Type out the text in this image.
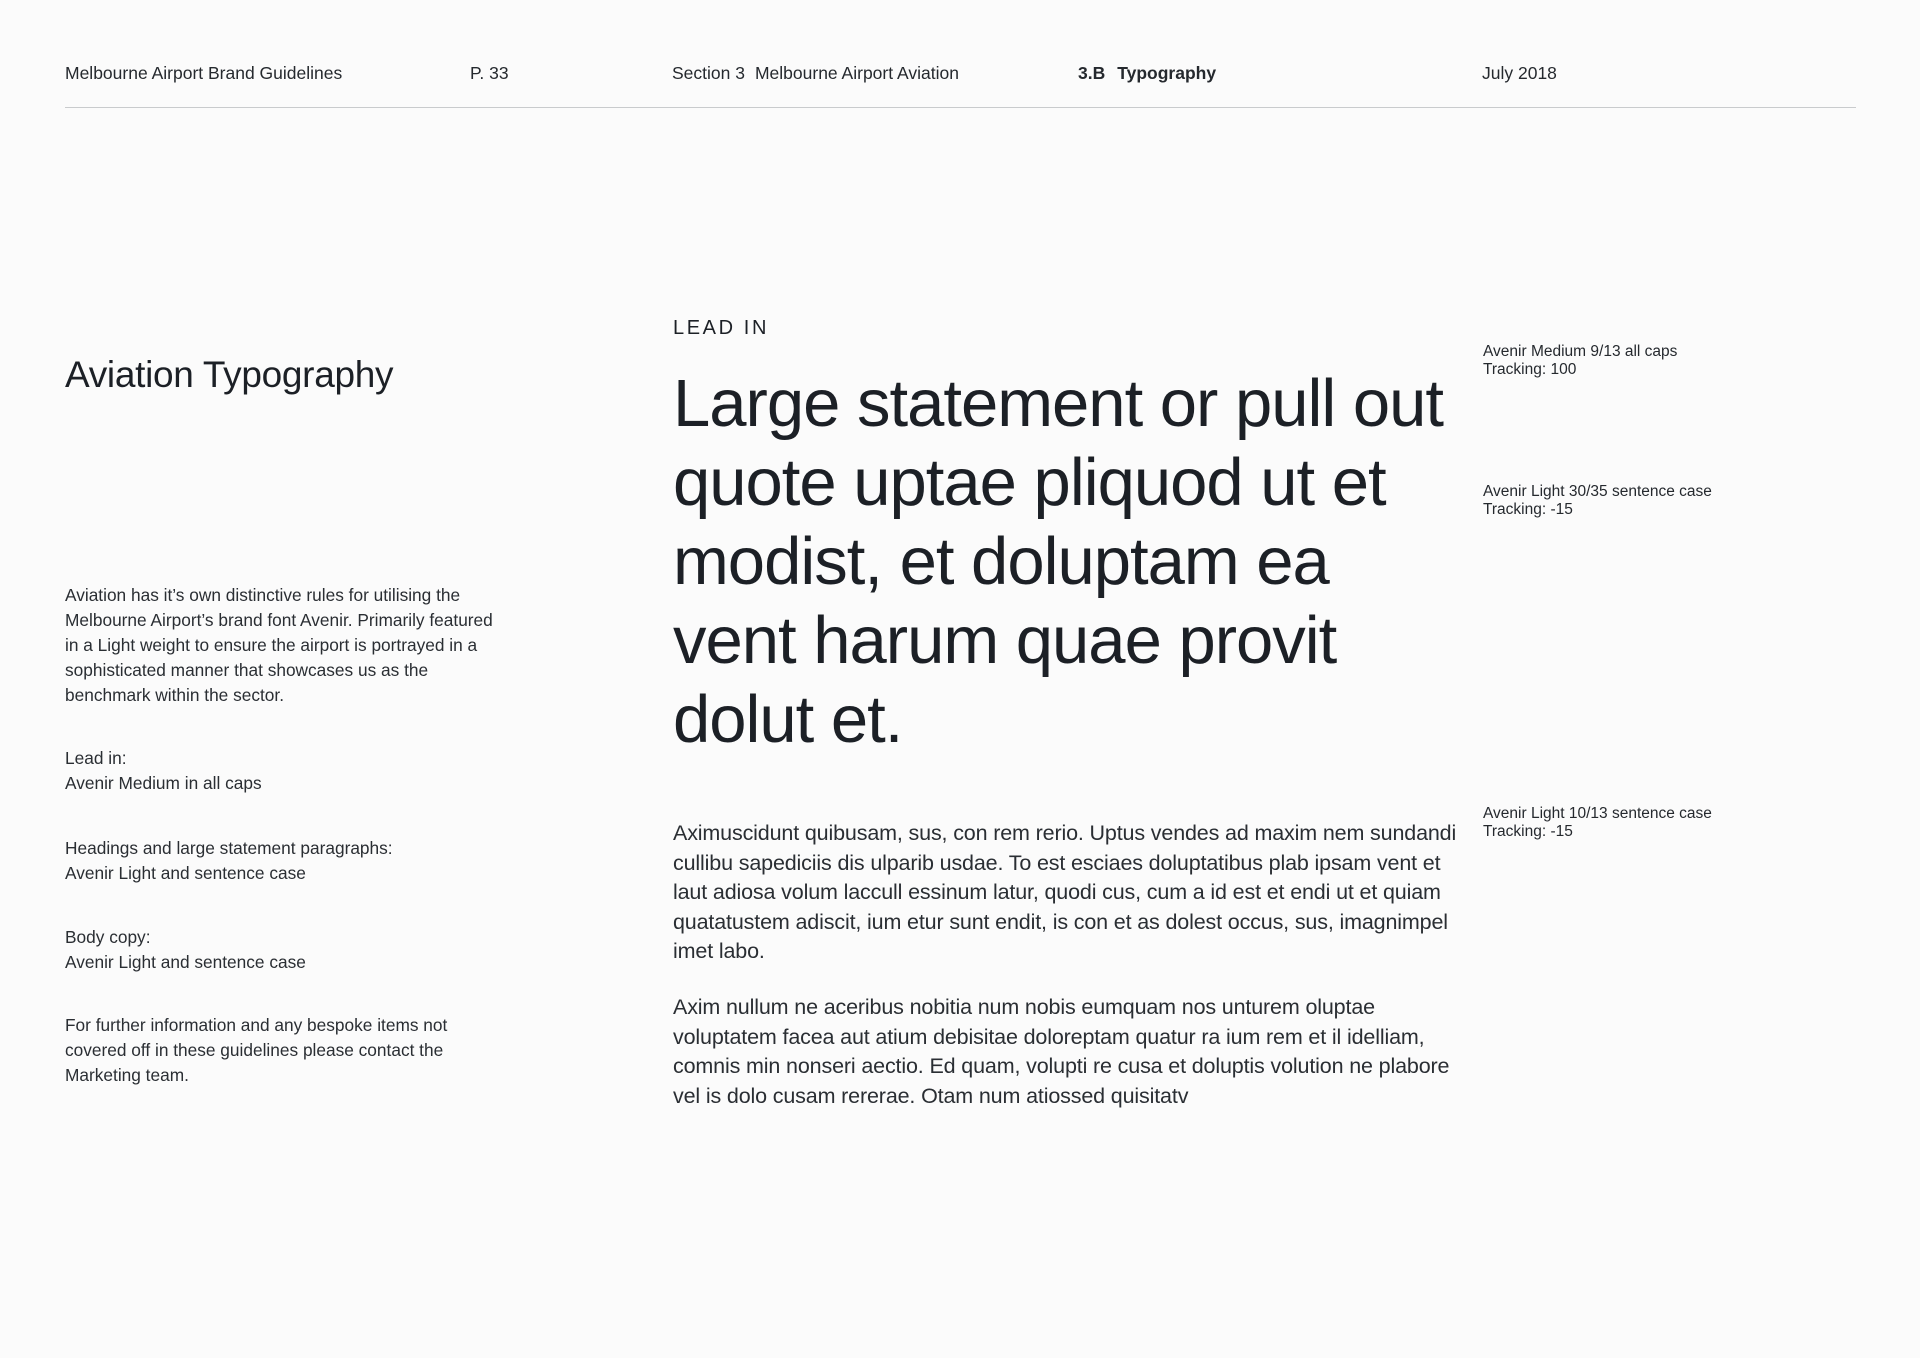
Melbourne Airport Brand Guidelines	P. 33	Section 3 Melbourne Airport Aviation	3.B Typography	July 2018
Aviation Typography

Aviation has it’s own distinctive rules for utilising the Melbourne Airport’s brand font Avenir. Primarily featured in a Light weight to ensure the airport is portrayed in a sophisticated manner that showcases us as the benchmark within the sector.

Lead in:
Avenir Medium in all caps
Headings and large statement paragraphs:
Avenir Light and sentence case
Body copy:
Avenir Light and sentence case
For further information and any bespoke items not covered off in these guidelines please contact the Marketing team.
LEAD IN
Large statement or pull out quote uptae pliquod ut et modist, et doluptam ea vent harum quae provit dolut et.

Aximuscidunt quibusam, sus, con rem rerio. Uptus vendes ad maxim nem sundandi cullibu sapediciis dis ulparib usdae. To est esciaes doluptatibus plab ipsam vent et laut adiosa volum laccull essinum latur, quodi cus, cum a id est et endi ut et quiam quatatustem adiscit, ium etur sunt endit, is con et as dolest occus, sus, imagnimpel imet labo.

Axim nullum ne aceribus nobitia num nobis eumquam nos unturem oluptae voluptatem facea aut atium debisitae doloreptam quatur ra ium rem et il idelliam, comnis min nonseri aectio. Ed quam, volupti re cusa et doluptis volution ne plabore vel is dolo cusam rererae. Otam num atiossed quisitatv

Avenir Medium 9/13 all caps
Tracking: 100
Avenir Light 30/35 sentence case
Tracking: -15
Avenir Light 10/13 sentence case
Tracking: -15
